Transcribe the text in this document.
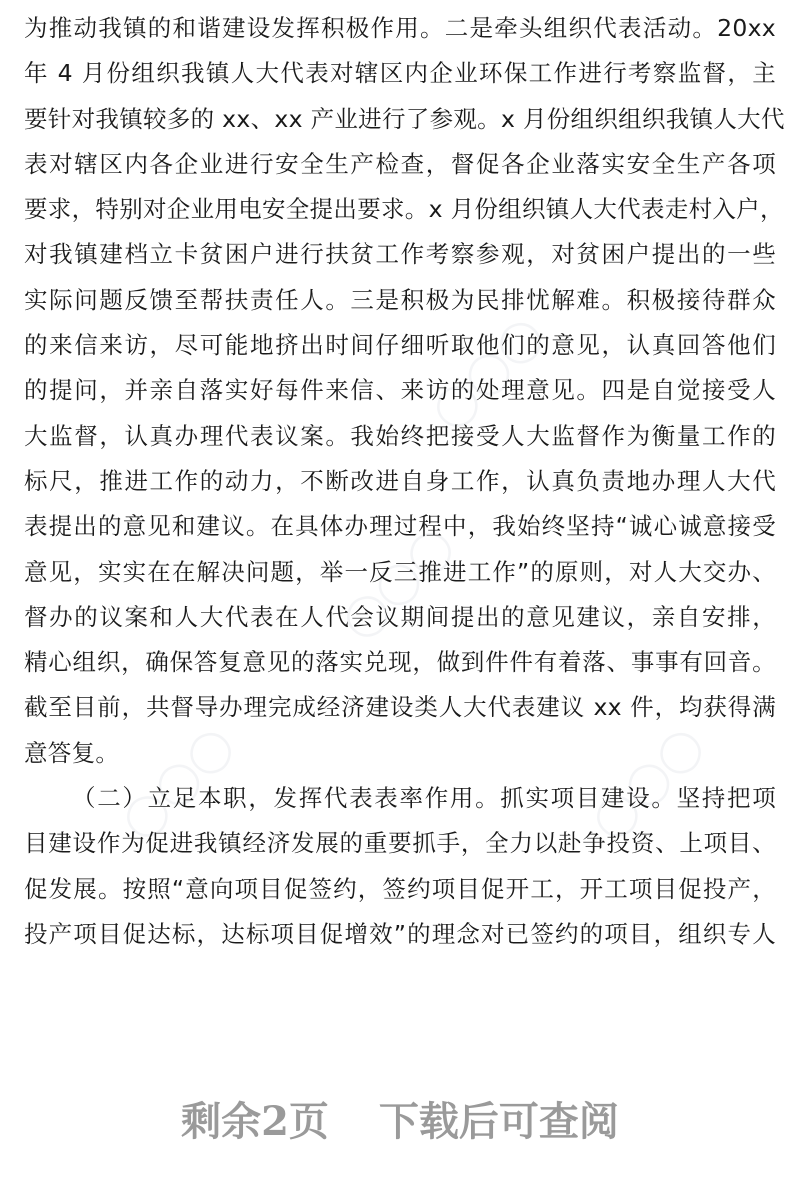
◯◯◯
◯◯◯
◯◯◯	◯◯◯
为推动我镇的和谐建设发挥积极作用。二是牵头组织代表活动。20xx
年 4 月份组织我镇人大代表对辖区内企业环保工作进行考察监督，主
要针对我镇较多的 xx、xx 产业进行了参观。x 月份组织组织我镇人大代
表对辖区内各企业进行安全生产检查，督促各企业落实安全生产各项
要求，特别对企业用电安全提出要求。x 月份组织镇人大代表走村入户，
对我镇建档立卡贫困户进行扶贫工作考察参观，对贫困户提出的一些
实际问题反馈至帮扶责任人。三是积极为民排忧解难。积极接待群众
的来信来访，尽可能地挤出时间仔细听取他们的意见，认真回答他们
的提问，并亲自落实好每件来信、来访的处理意见。四是自觉接受人
大监督，认真办理代表议案。我始终把接受人大监督作为衡量工作的
标尺，推进工作的动力，不断改进自身工作，认真负责地办理人大代
表提出的意见和建议。在具体办理过程中，我始终坚持“诚心诚意接受
意见，实实在在解决问题，举一反三推进工作”的原则，对人大交办、
督办的议案和人大代表在人代会议期间提出的意见建议，亲自安排，
精心组织，确保答复意见的落实兑现，做到件件有着落、事事有回音。
截至目前，共督导办理完成经济建设类人大代表建议 xx 件，均获得满
意答复。
（二）立足本职，发挥代表表率作用。抓实项目建设。坚持把项
目建设作为促进我镇经济发展的重要抓手，全力以赴争投资、上项目、
促发展。按照“意向项目促签约，签约项目促开工，开工项目促投产，
投产项目促达标，达标项目促增效”的理念对已签约的项目，组织专人
剩余2页 下载后可查阅
